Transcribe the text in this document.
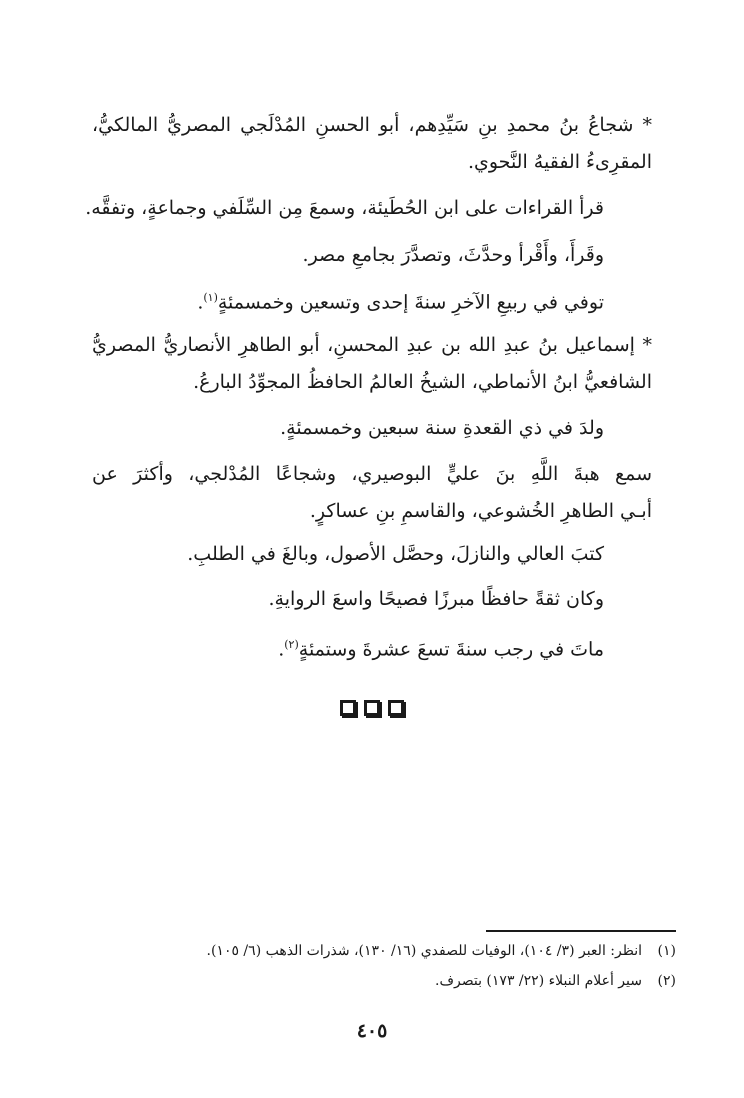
* شجاعُ بنُ محمدِ بنِ سَيِّدِهم، أبو الحسنِ المُدْلَجي المصريُّ المالكيُّ،
المقرِىءُ الفقيهُ النَّحوي.
قرأ القراءات على ابن الحُطَيئة، وسمعَ مِن السِّلَفي وجماعةٍ، وتفقَّه.
وقَرأَ، وأَقْرأ وحدَّثَ، وتصدَّرَ بجامعِ مصر.
توفي في ربيعِ الآخرِ سنةَ إحدى وتسعين وخمسمئةٍ$^{(١)}$.
* إسماعيل بنُ عبدِ الله بن عبدِ المحسنِ، أبو الطاهرِ الأنصاريُّ المصريُّ
الشافعيُّ ابنُ الأنماطي، الشيخُ العالمُ الحافظُ المجوِّدُ البارعُ.
ولدَ في ذي القعدةِ سنة سبعين وخمسمئةٍ.
سمع هبةَ اللَّهِ بنَ عليٍّ البوصيري، وشجاعًا المُدْلجي، وأكثرَ عن
أبـي الطاهرِ الخُشوعي، والقاسمِ بنِ عساكرٍ.
كتبَ العالي والنازلَ، وحصَّل الأصول، وبالغَ في الطلبِ.
وكان ثقةً حافظًا مبرزًا فصيحًا واسعَ الروايةِ.
ماتَ في رجب سنةَ تسعَ عشرةَ وستمئةٍ$^{(٢)}$.
(١)انظر: العبر (٣/ ١٠٤)، الوفيات للصفدي (١٦/ ١٣٠)، شذرات الذهب (٦/ ١٠٥).
(٢)سير أعلام النبلاء (٢٢/ ١٧٣) بتصرف.
٤٠٥
